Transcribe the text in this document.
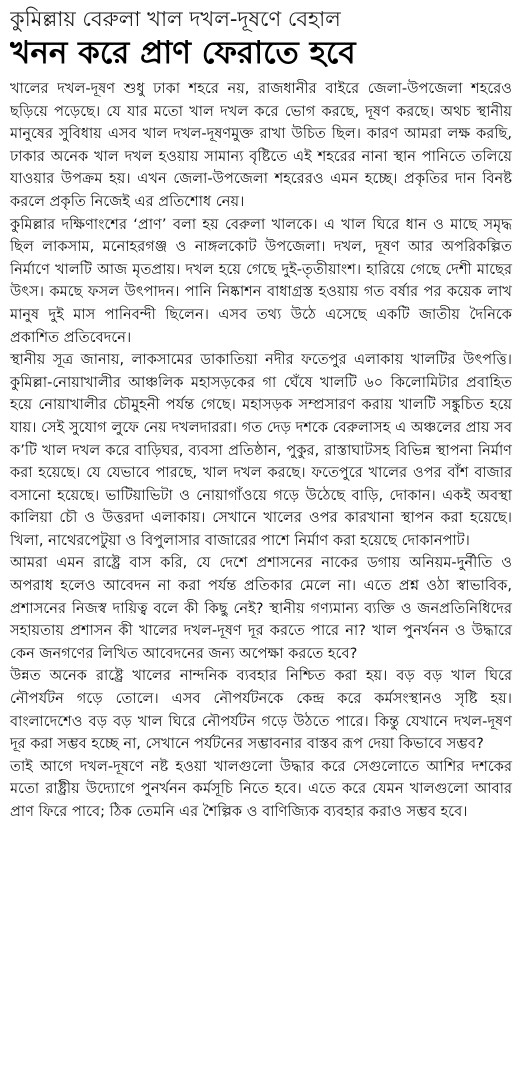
কুমিল্লায় বেরুলা খাল দখল-দূষণে বেহাল
খনন করে প্রাণ ফেরাতে হবে

খালের দখল-দূষণ শুধু ঢাকা শহরে নয়, রাজধানীর বাইরে জেলা-উপজেলা শহরেও ছড়িয়ে পড়েছে। যে যার মতো খাল দখল করে ভোগ করছে, দূষণ করছে। অথচ স্থানীয় মানুষের সুবিধায় এসব খাল দখল-দূষণমুক্ত রাখা উচিত ছিল। কারণ আমরা লক্ষ করছি, ঢাকার অনেক খাল দখল হওয়ায় সামান্য বৃষ্টিতে এই শহরের নানা স্থান পানিতে তলিয়ে যাওয়ার উপক্রম হয়। এখন জেলা-উপজেলা শহরেরও এমন হচ্ছে। প্রকৃতির দান বিনষ্ট করলে প্রকৃতি নিজেই এর প্রতিশোধ নেয়।

কুমিল্লার দক্ষিণাংশের ‘প্রাণ’ বলা হয় বেরুলা খালকে। এ খাল ঘিরে ধান ও মাছে সমৃদ্ধ ছিল লাকসাম, মনোহরগঞ্জ ও নাঙ্গলকোট উপজেলা। দখল, দূষণ আর অপরিকল্পিত নির্মাণে খালটি আজ মৃতপ্রায়। দখল হয়ে গেছে দুই-তৃতীয়াংশ। হারিয়ে গেছে দেশী মাছের উৎস। কমছে ফসল উৎপাদন। পানি নিষ্কাশন বাধাগ্রস্ত হওয়ায় গত বর্ষার পর কয়েক লাখ মানুষ দুই মাস পানিবন্দী ছিলেন। এসব তথ্য উঠে এসেছে একটি জাতীয় দৈনিকে প্রকাশিত প্রতিবেদনে।

স্থানীয় সূত্র জানায়, লাকসামের ডাকাতিয়া নদীর ফতেপুর এলাকায় খালটির উৎপত্তি। কুমিল্লা-নোয়াখালীর আঞ্চলিক মহাসড়কের গা ঘেঁষে খালটি ৬০ কিলোমিটার প্রবাহিত হয়ে নোয়াখালীর চৌমুহনী পর্যন্ত গেছে। মহাসড়ক সম্প্রসারণ করায় খালটি সঙ্কুচিত হয়ে যায়। সেই সুযোগ লুফে নেয় দখলদাররা। গত দেড় দশকে বেরুলাসহ এ অঞ্চলের প্রায় সব ক’টি খাল দখল করে বাড়িঘর, ব্যবসা প্রতিষ্ঠান, পুকুর, রাস্তাঘাটসহ বিভিন্ন স্থাপনা নির্মাণ করা হয়েছে। যে যেভাবে পারছে, খাল দখল করছে। ফতেপুরে খালের ওপর বাঁশ বাজার বসানো হয়েছে। ভাটিয়াভিটা ও নোয়াগাঁওয়ে গড়ে উঠেছে বাড়ি, দোকান। একই অবস্থা কালিয়া চৌ ও উত্তরদা এলাকায়। সেখানে খালের ওপর কারখানা স্থাপন করা হয়েছে। খিলা, নাথেরপেটুয়া ও বিপুলাসার বাজারের পাশে নির্মাণ করা হয়েছে দোকানপাট।

আমরা এমন রাষ্ট্রে বাস করি, যে দেশে প্রশাসনের নাকের ডগায় অনিয়ম-দুর্নীতি ও অপরাধ হলেও আবেদন না করা পর্যন্ত প্রতিকার মেলে না। এতে প্রশ্ন ওঠা স্বাভাবিক, প্রশাসনের নিজস্ব দায়িত্ব বলে কী কিছু নেই? স্থানীয় গণ্যমান্য ব্যক্তি ও জনপ্রতিনিধিদের সহায়তায় প্রশাসন কী খালের দখল-দূষণ দূর করতে পারে না? খাল পুনর্খনন ও উদ্ধারে কেন জনগণের লিখিত আবেদনের জন্য অপেক্ষা করতে হবে?

উন্নত অনেক রাষ্ট্রে খালের নান্দনিক ব্যবহার নিশ্চিত করা হয়। বড় বড় খাল ঘিরে নৌপর্যটন গড়ে তোলে। এসব নৌপর্যটনকে কেন্দ্র করে কর্মসংস্থানও সৃষ্টি হয়। বাংলাদেশেও বড় বড় খাল ঘিরে নৌপর্যটন গড়ে উঠতে পারে। কিন্তু যেখানে দখল-দূষণ দূর করা সম্ভব হচ্ছে না, সেখানে পর্যটনের সম্ভাবনার বাস্তব রূপ দেয়া কিভাবে সম্ভব?

তাই আগে দখল-দূষণে নষ্ট হওয়া খালগুলো উদ্ধার করে সেগুলোতে আশির দশকের মতো রাষ্ট্রীয় উদ্যোগে পুনর্খনন কর্মসূচি নিতে হবে। এতে করে যেমন খালগুলো আবার প্রাণ ফিরে পাবে; ঠিক তেমনি এর শৈল্পিক ও বাণিজ্যিক ব্যবহার করাও সম্ভব হবে।
